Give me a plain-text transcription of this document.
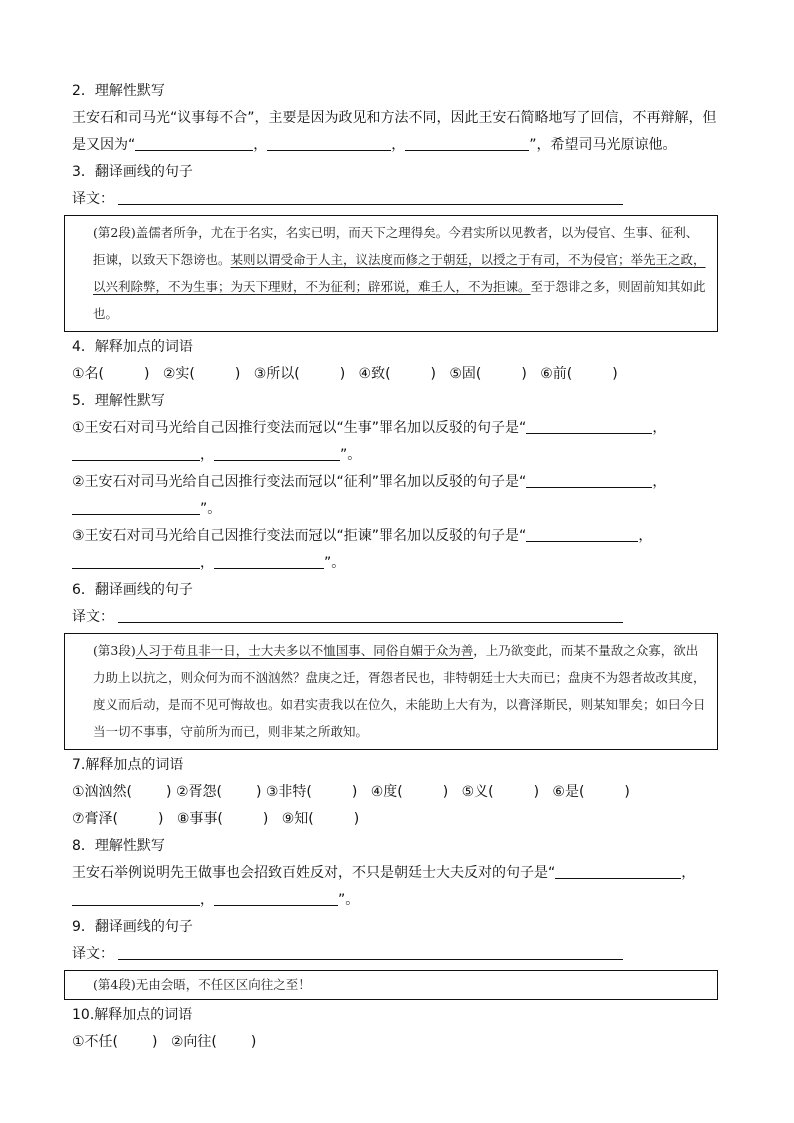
2．理解性默写
王安石和司马光“议事每不合”，主要是因为政见和方法不同，因此王安石简略地写了回信，不再辩解，但
是又因为“	，	，	”，希望司马光原谅他。
3．翻译画线的句子
译文：
(第2段)盖儒者所争，尤在于名实，名实已明，而天下之理得矣。今君实所以见教者，以为侵官、生事、征利、拒谏，以致天下怨谤也。某则以谓受命于人主，议法度而修之于朝廷，以授之于有司，不为侵官；举先王之政，以兴利除弊，不为生事；为天下理财，不为征利；辟邪说，难壬人，不为拒谏。至于怨诽之多，则固前知其如此也。
4．解释加点的词语
①名(	) ②实(	) ③所以(	) ④致(	) ⑤固(	) ⑥前(	)
5．理解性默写
①王安石对司马光给自己因推行变法而冠以“生事”罪名加以反驳的句子是“	，
，	”。
②王安石对司马光给自己因推行变法而冠以“征利”罪名加以反驳的句子是“	，
”。
③王安石对司马光给自己因推行变法而冠以“拒谏”罪名加以反驳的句子是“	，
，	”。
6．翻译画线的句子
译文：
(第3段)人习于苟且非一日，士大夫多以不恤国事、同俗自媚于众为善，上乃欲变此，而某不量敌之众寡，欲出力助上以抗之，则众何为而不汹汹然？盘庚之迁，胥怨者民也，非特朝廷士大夫而已；盘庚不为怨者故改其度，度义而后动，是而不见可悔故也。如君实责我以在位久，未能助上大有为，以膏泽斯民，则某知罪矣；如曰今日当一切不事事，守前所为而已，则非某之所敢知。
7.解释加点的词语
①汹汹然( ) ②胥怨( ) ③非特(	) ④度(	) ⑤义(	) ⑥是(	)
⑦膏泽(	) ⑧事事(	) ⑨知(	)
8．理解性默写
王安石举例说明先王做事也会招致百姓反对，不只是朝廷士大夫反对的句子是“	，
，	”。
9．翻译画线的句子
译文：
(第4段)无由会晤，不任区区向往之至！
10.解释加点的词语
①不任( ) ②向往( )
